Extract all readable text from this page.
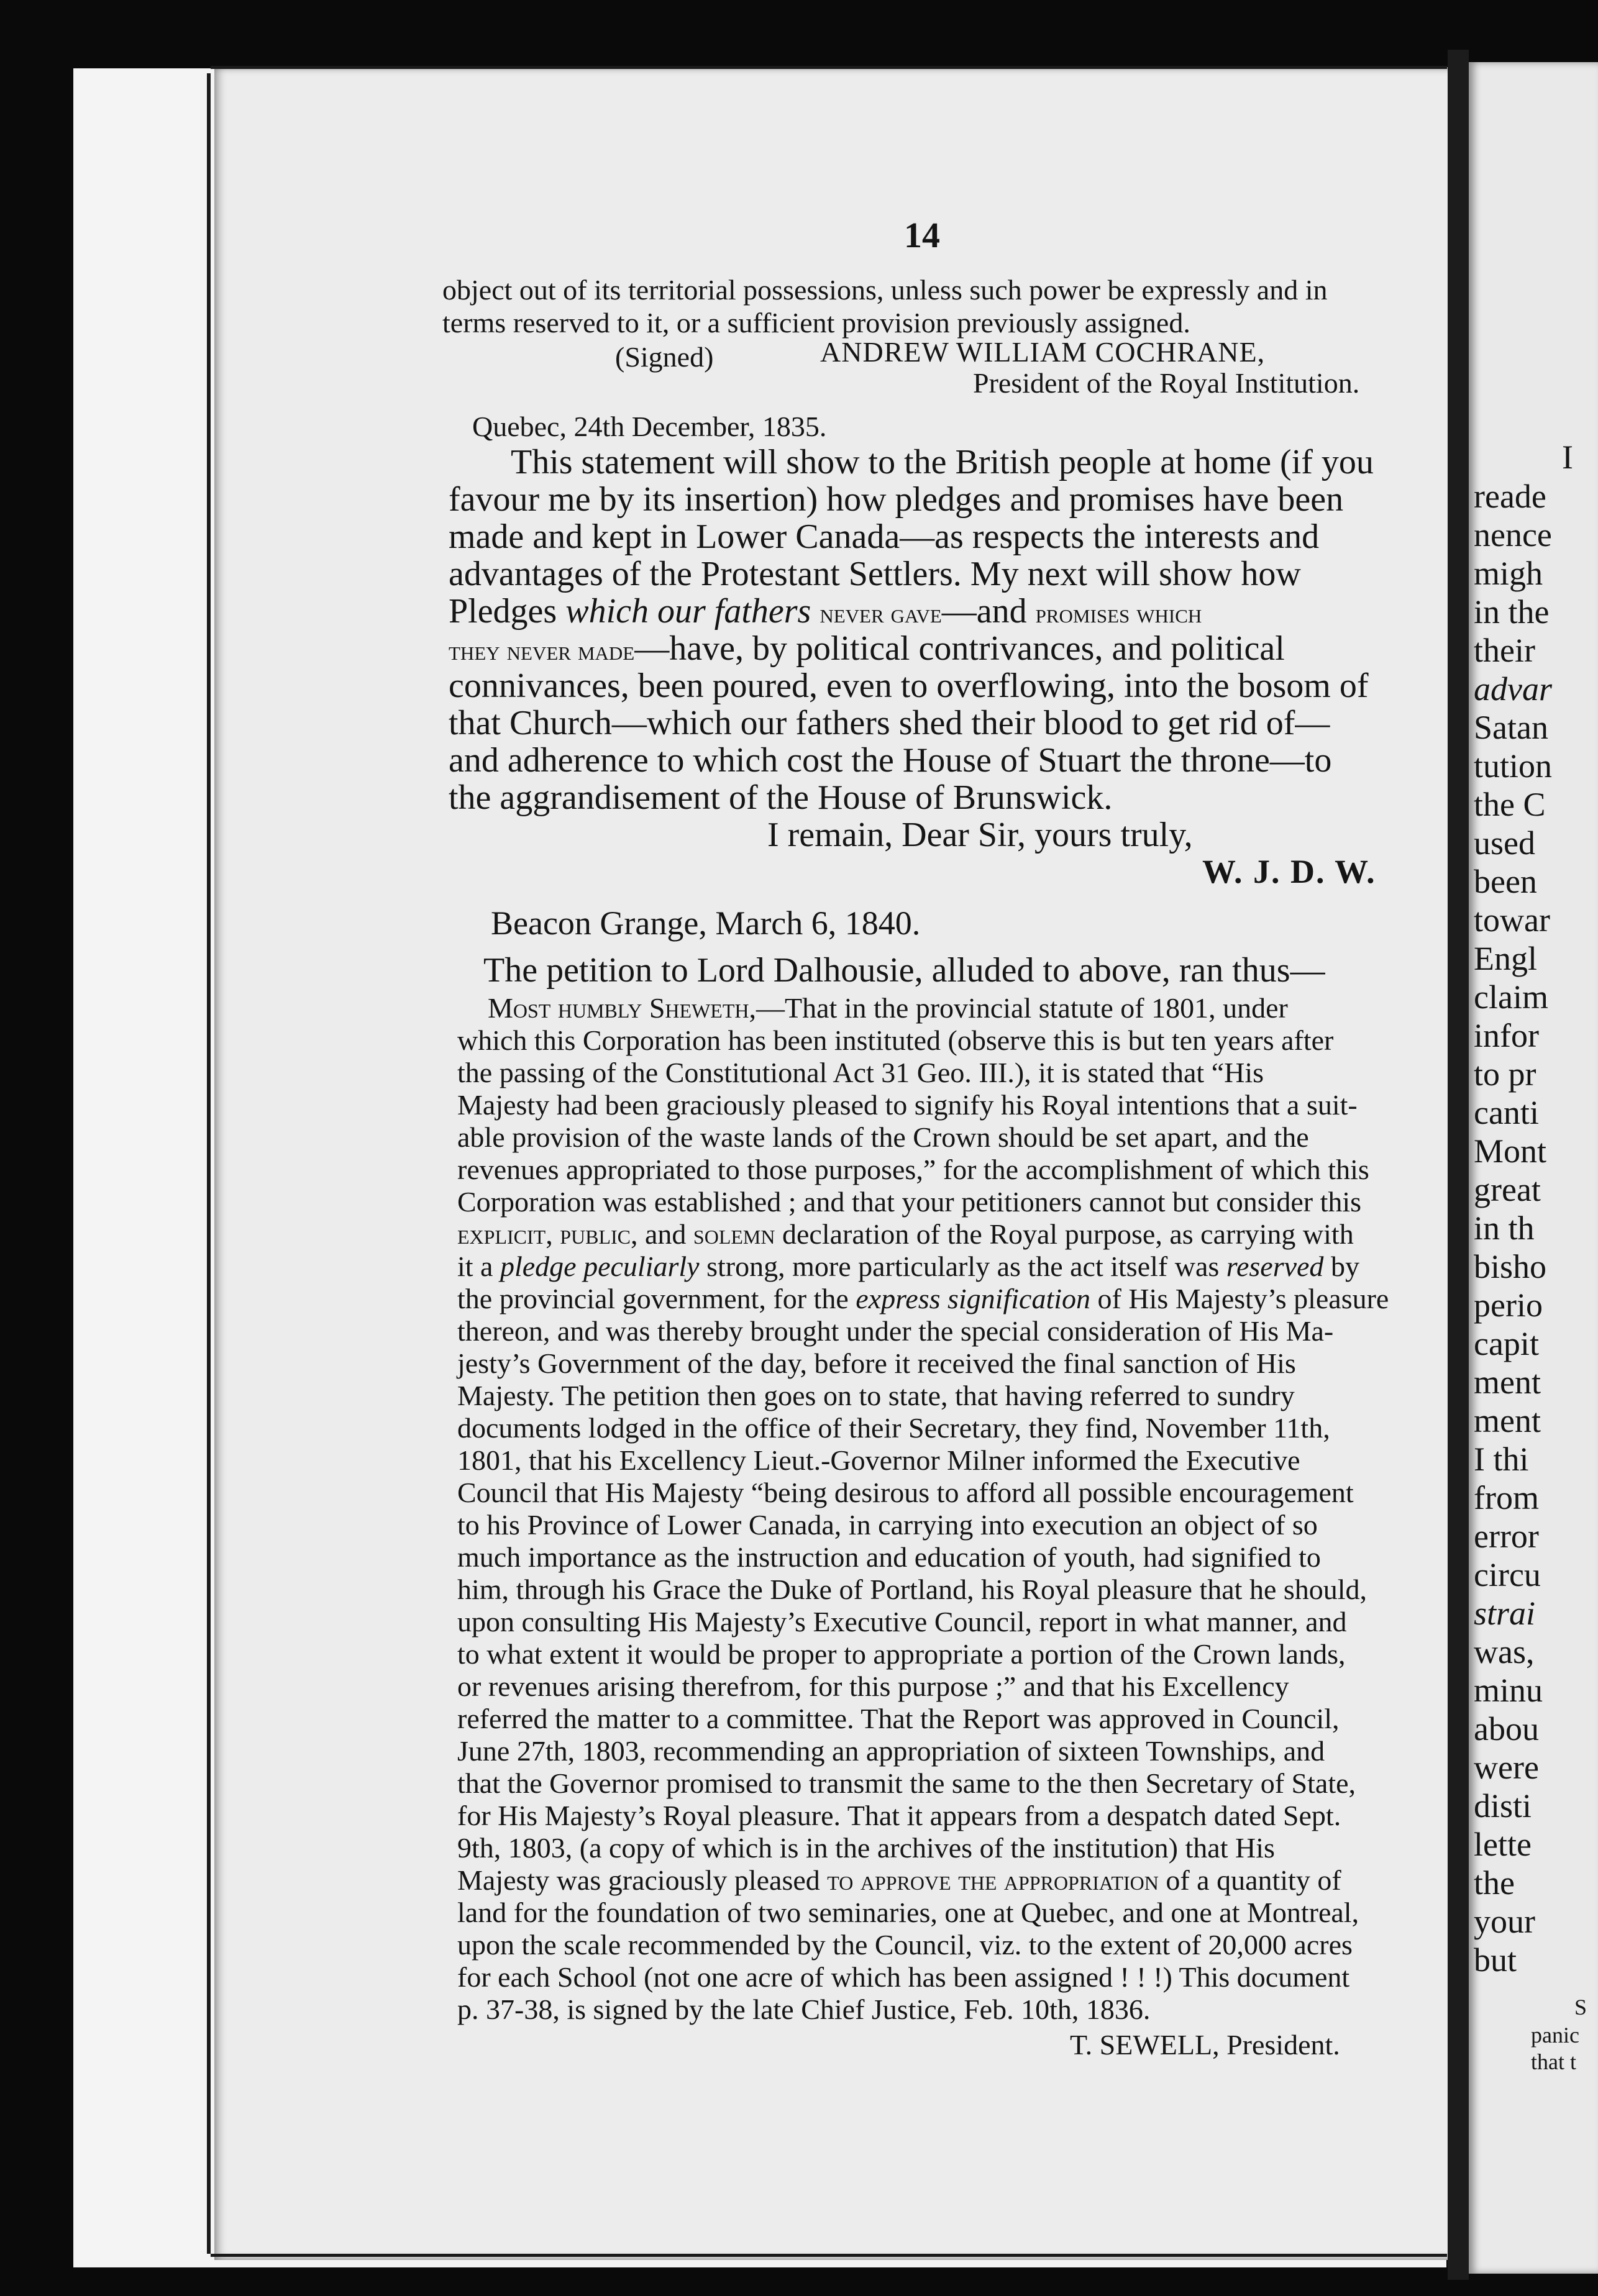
I

reade

nence

migh

in the

their

advar

Satan

tution

the C

used

been

towar

Engl

claim

infor

to pr

canti

Mont

great

in th

bisho

perio

capit

ment

ment

I thi

from

error

circu

strai

was,

minu

abou

were

disti

lette

the

your

but

S

panic

that t

14

object out of its territorial possessions, unless such power be expressly and in

terms reserved to it, or a sufficient provision previously assigned.

(Signed)	ANDREW WILLIAM COCHRANE,

President of the Royal Institution.

Quebec, 24th December, 1835.

This statement will show to the British people at home (if you

favour me by its insertion) how pledges and promises have been

made and kept in Lower Canada—as respects the interests and

advantages of the Protestant Settlers. My next will show how

Pledges which our fathers never gave—and promises which

they never made—have, by political contrivances, and political

connivances, been poured, even to overflowing, into the bosom of

that Church—which our fathers shed their blood to get rid of—

and adherence to which cost the House of Stuart the throne—to

the aggrandisement of the House of Brunswick.

I remain, Dear Sir, yours truly,

W. J. D. W.

Beacon Grange, March 6, 1840.

The petition to Lord Dalhousie, alluded to above, ran thus—

Most humbly Sheweth,—That in the provincial statute of 1801, under

which this Corporation has been instituted (observe this is but ten years after

the passing of the Constitutional Act 31 Geo. III.), it is stated that “His

Majesty had been graciously pleased to signify his Royal intentions that a suit-

able provision of the waste lands of the Crown should be set apart, and the

revenues appropriated to those purposes,” for the accomplishment of which this

Corporation was established ; and that your petitioners cannot but consider this

explicit, public, and solemn declaration of the Royal purpose, as carrying with

it a pledge peculiarly strong, more particularly as the act itself was reserved by

the provincial government, for the express signification of His Majesty’s pleasure

thereon, and was thereby brought under the special consideration of His Ma-

jesty’s Government of the day, before it received the final sanction of His

Majesty. The petition then goes on to state, that having referred to sundry

documents lodged in the office of their Secretary, they find, November 11th,

1801, that his Excellency Lieut.-Governor Milner informed the Executive

Council that His Majesty “being desirous to afford all possible encouragement

to his Province of Lower Canada, in carrying into execution an object of so

much importance as the instruction and education of youth, had signified to

him, through his Grace the Duke of Portland, his Royal pleasure that he should,

upon consulting His Majesty’s Executive Council, report in what manner, and

to what extent it would be proper to appropriate a portion of the Crown lands,

or revenues arising therefrom, for this purpose ;” and that his Excellency

referred the matter to a committee. That the Report was approved in Council,

June 27th, 1803, recommending an appropriation of sixteen Townships, and

that the Governor promised to transmit the same to the then Secretary of State,

for His Majesty’s Royal pleasure. That it appears from a despatch dated Sept.

9th, 1803, (a copy of which is in the archives of the institution) that His

Majesty was graciously pleased to approve the appropriation of a quantity of

land for the foundation of two seminaries, one at Quebec, and one at Montreal,

upon the scale recommended by the Council, viz. to the extent of 20,000 acres

for each School (not one acre of which has been assigned ! ! !) This document

p. 37-38, is signed by the late Chief Justice, Feb. 10th, 1836.

T. SEWELL, President.
